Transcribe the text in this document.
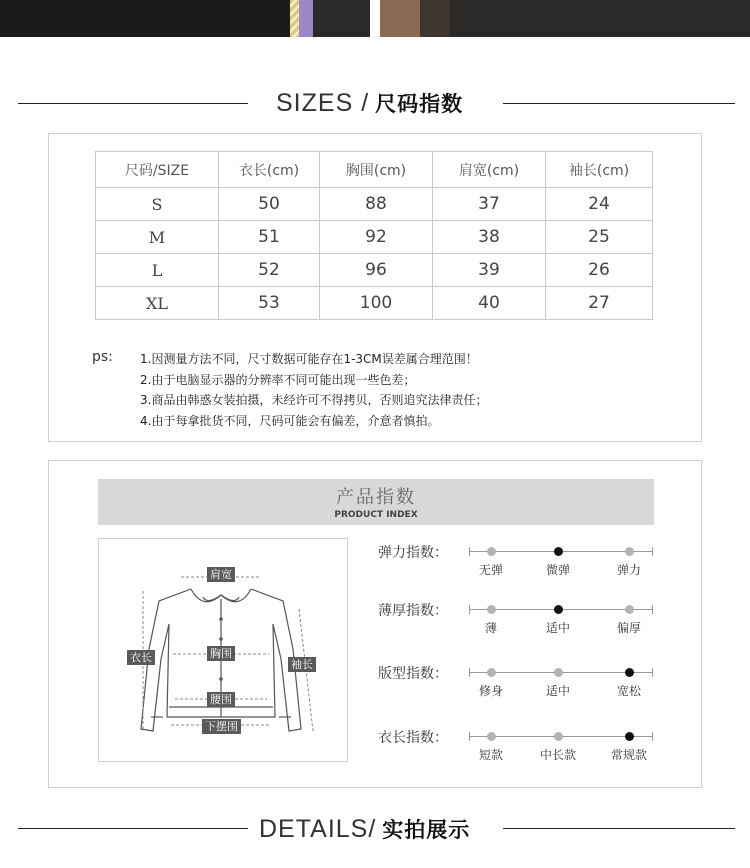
SIZES / 尺码指数
尺码/SIZE	衣长(cm)	胸围(cm)	肩宽(cm)	袖长(cm)
S	50	88	37	24
M	51	92	38	25
L	52	96	39	26
XL	53	100	40	27
ps: 1.因测量方法不同，尺寸数据可能存在1-3CM误差属合理范围！
2.由于电脑显示器的分辨率不同可能出现一些色差；
3.商品由韩惑女装拍摄，未经许可不得拷贝，否则追究法律责任；
4.由于每拿批货不同，尺码可能会有偏差，介意者慎拍。
产品指数
PRODUCT INDEX
肩宽
衣长	胸围
袖长
腰围
下摆围
弹力指数：
无弹	微弹	弹力
薄厚指数：
薄	适中	偏厚
版型指数：
修身	适中	宽松
衣长指数：
短款	中长款	常规款
DETAILS/ 实拍展示
